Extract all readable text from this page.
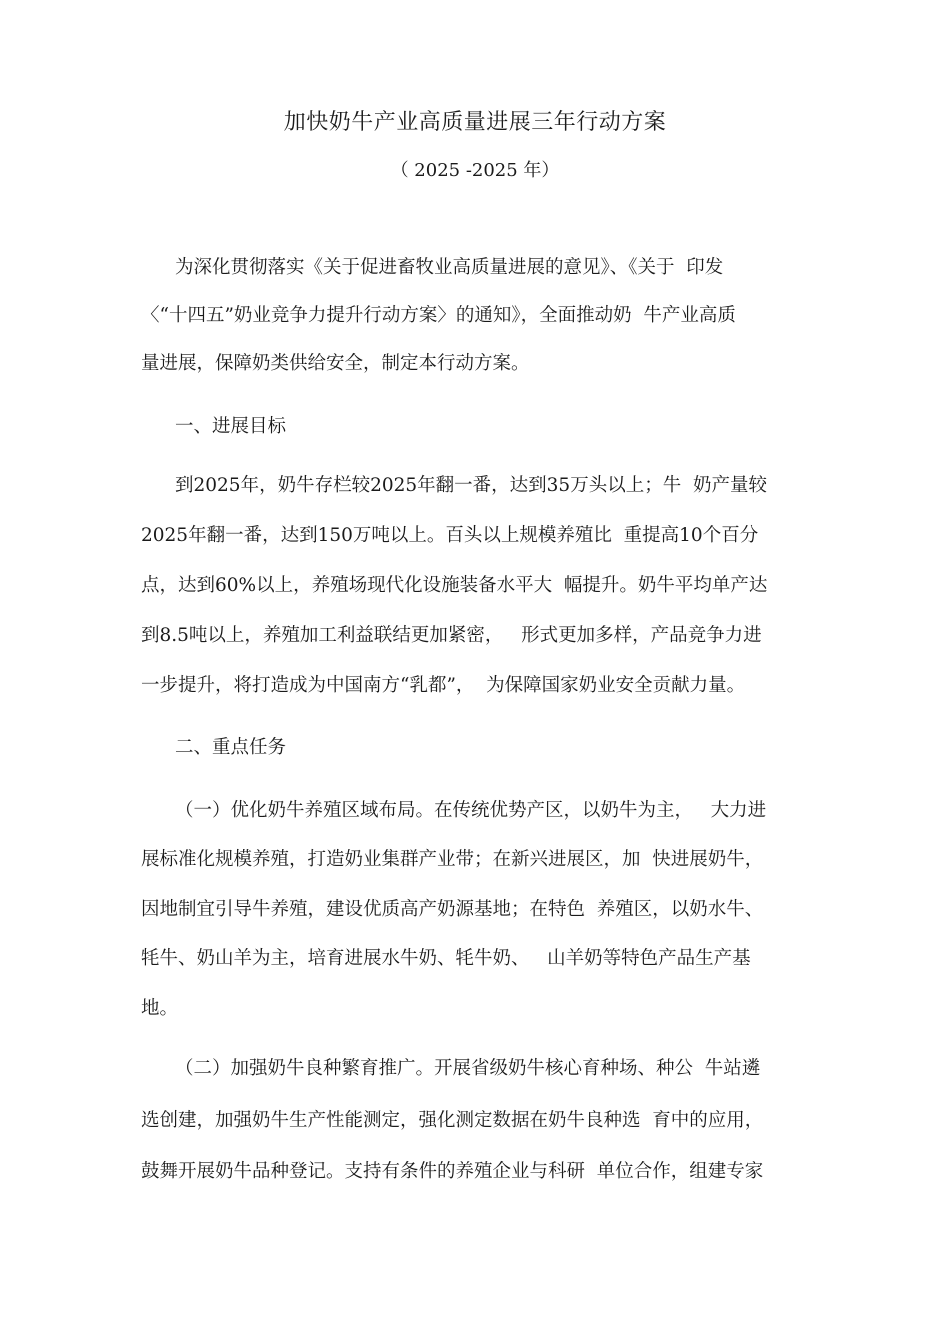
加快奶牛产业高质量进展三年行动方案
（ 2025 -2025 年）
为深化贯彻落实《关于促进畜牧业高质量进展的意见》、《关于  印发
〈“十四五”奶业竞争力提升行动方案〉的通知》，全面推动奶  牛产业高质
量进展，保障奶类供给安全，制定本行动方案。
一、进展目标
到2025年，奶牛存栏较2025年翻一番，达到35万头以上；牛  奶产量较
2025年翻一番，达到150万吨以上。百头以上规模养殖比  重提高10个百分
点，达到60%以上，养殖场现代化设施装备水平大  幅提升。奶牛平均单产达
到8.5吨以上，养殖加工利益联结更加紧密，   形式更加多样，产品竞争力进
一步提升，将打造成为中国南方“乳都”，  为保障国家奶业安全贡献力量。
二、重点任务
（一）优化奶牛养殖区域布局。在传统优势产区，以奶牛为主，   大力进
展标准化规模养殖，打造奶业集群产业带；在新兴进展区，加  快进展奶牛，
因地制宜引导牛养殖，建设优质高产奶源基地；在特色  养殖区，以奶水牛、
牦牛、奶山羊为主，培育进展水牛奶、牦牛奶、   山羊奶等特色产品生产基
地。
（二）加强奶牛良种繁育推广。开展省级奶牛核心育种场、种公  牛站遴
选创建，加强奶牛生产性能测定，强化测定数据在奶牛良种选  育中的应用，
鼓舞开展奶牛品种登记。支持有条件的养殖企业与科研  单位合作，组建专家
